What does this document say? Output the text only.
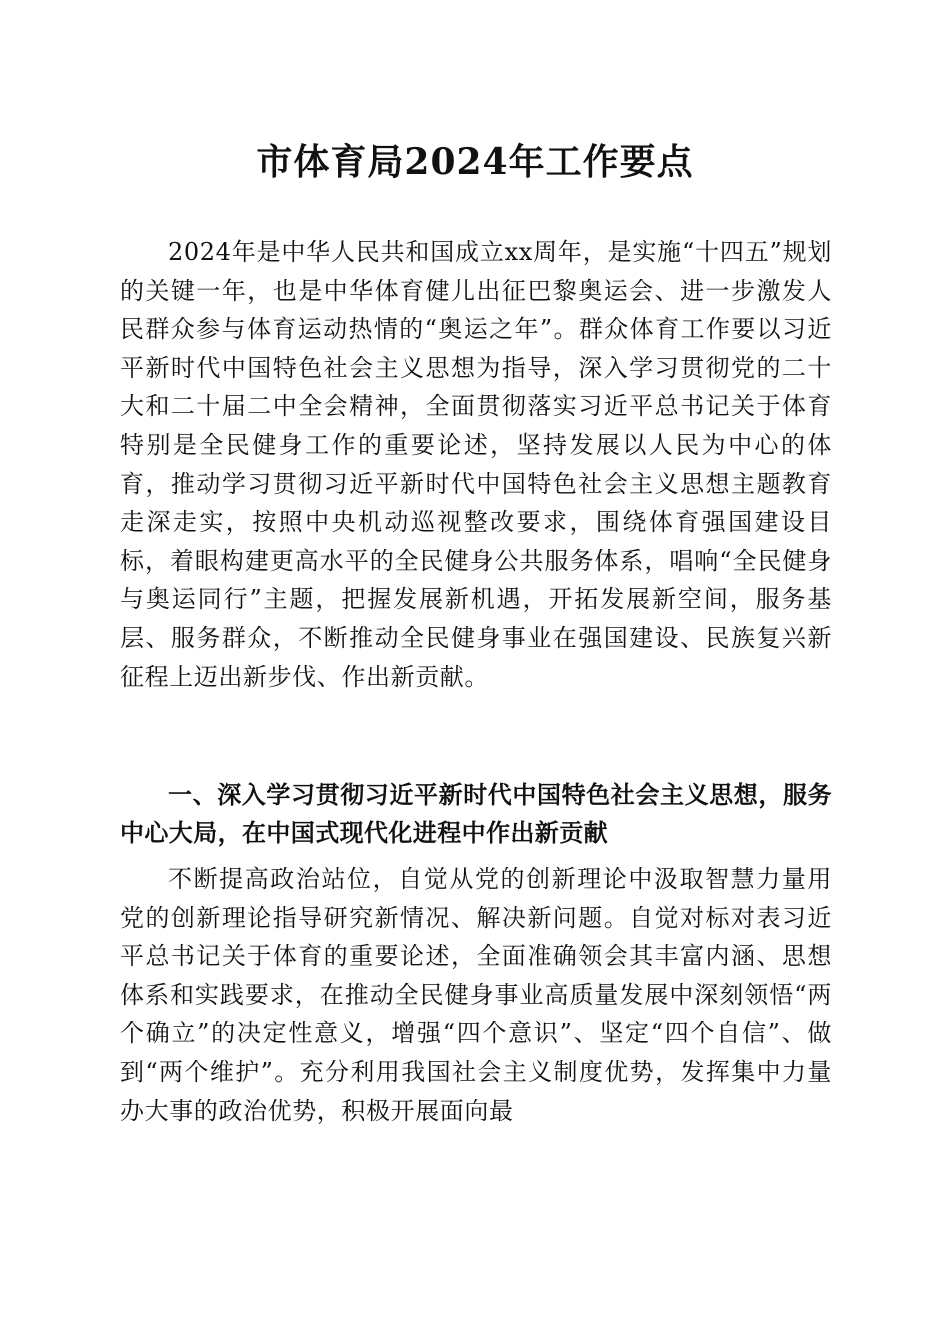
市体育局2024年工作要点

2024年是中华人民共和国成立xx周年，是实施“十四五”规划的关键一年，也是中华体育健儿出征巴黎奥运会、进一步激发人民群众参与体育运动热情的“奥运之年”。群众体育工作要以习近平新时代中国特色社会主义思想为指导，深入学习贯彻党的二十大和二十届二中全会精神，全面贯彻落实习近平总书记关于体育特别是全民健身工作的重要论述，坚持发展以人民为中心的体育，推动学习贯彻习近平新时代中国特色社会主义思想主题教育走深走实，按照中央机动巡视整改要求，围绕体育强国建设目标，着眼构建更高水平的全民健身公共服务体系，唱响“全民健身与奥运同行”主题，把握发展新机遇，开拓发展新空间，服务基层、服务群众，不断推动全民健身事业在强国建设、民族复兴新征程上迈出新步伐、作出新贡献。

一、深入学习贯彻习近平新时代中国特色社会主义思想，服务中心大局，在中国式现代化进程中作出新贡献

不断提高政治站位，自觉从党的创新理论中汲取智慧力量用党的创新理论指导研究新情况、解决新问题。自觉对标对表习近平总书记关于体育的重要论述，全面准确领会其丰富内涵、思想体系和实践要求，在推动全民健身事业高质量发展中深刻领悟“两个确立”的决定性意义，增强“四个意识”、坚定“四个自信”、做到“两个维护”。充分利用我国社会主义制度优势，发挥集中力量办大事的政治优势，积极开展面向最
